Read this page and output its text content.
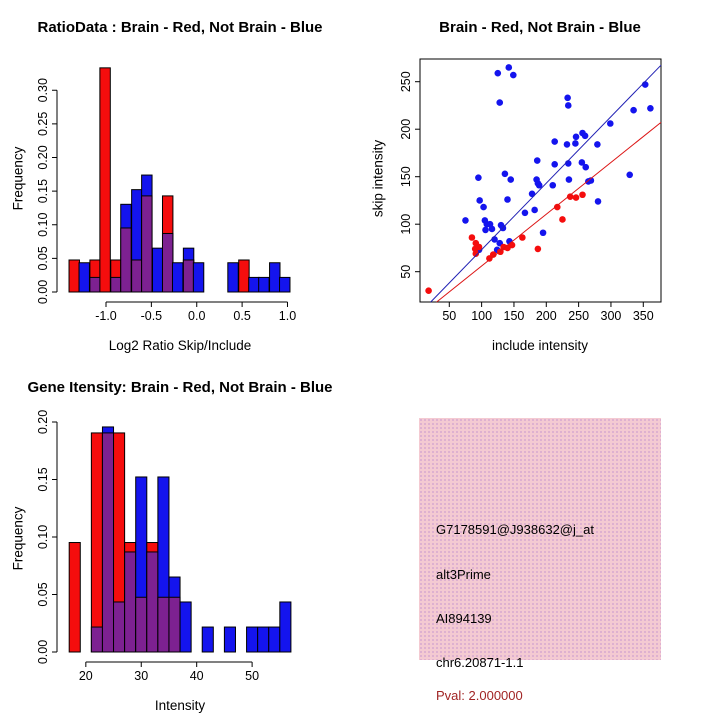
0.00
0.05
0.10
0.15
0.20
0.25
0.30
-1.0 -0.5 0.0 0.5 1.0
RatioData : Brain - Red, Not Brain - Blue
Log2 Ratio Skip/Include
Frequency
50 100 150 200 250 300 350
50
100
150
200
250
Brain - Red, Not Brain - Blue
include intensity
skip intensity
0.00
0.05
0.10
0.15
0.20
20	30	40	50
Gene Itensity: Brain - Red, Not Brain - Blue
Intensity
Frequency	G7178591@J938632@j_at
alt3Prime
AI894139
chr6.20871-1.1
Pval: 2.000000
